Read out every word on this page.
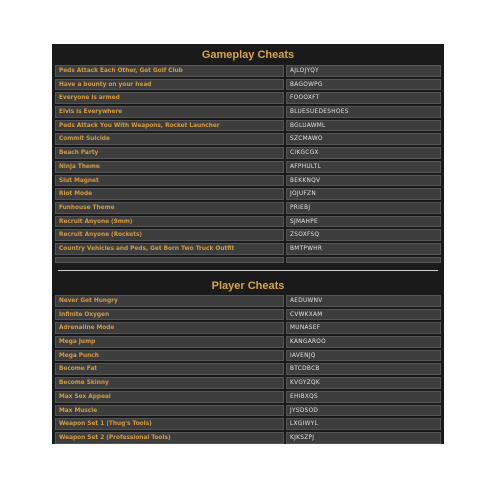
Gameplay Cheats
Peds Attack Each Other, Get Golf Club	AJLOJYQY
Have a bounty on your head	BAGOWPG
Everyone is armed	FOOOXFT
Elvis is Everywhere	BLUESUEDESHOES
Peds Attack You With Weapons, Rocket Launcher	BGLUAWML
Commit Suicide	SZCMAWO
Beach Party	CIKGCGX
Ninja Theme	AFPHULTL
Slut Magnet	BEKKNQV
Riot Mode	JOJUFZN
Funhouse Theme	PRIEBJ
Recruit Anyone (9mm)	SJMAHPE
Recruit Anyone (Rockets)	ZSOXFSQ
Country Vehicles and Peds, Get Born Two Truck Outfit	BMTPWHR
Player Cheats
Never Get Hungry	AEDUWNV
Infinite Oxygen	CVWKXAM
Adrenaline Mode	MUNASEF
Mega Jump	KANGAROO
Mega Punch	IAVENJQ
Become Fat	BTCDBCB
Become Skinny	KVGYZQK
Max Sex Appeal	EHIBXQS
Max Muscle	JYSDSOD
Weapon Set 1 (Thug's Tools)	LXGIWYL
Weapon Set 2 (Professional Tools)	KJKSZPJ
